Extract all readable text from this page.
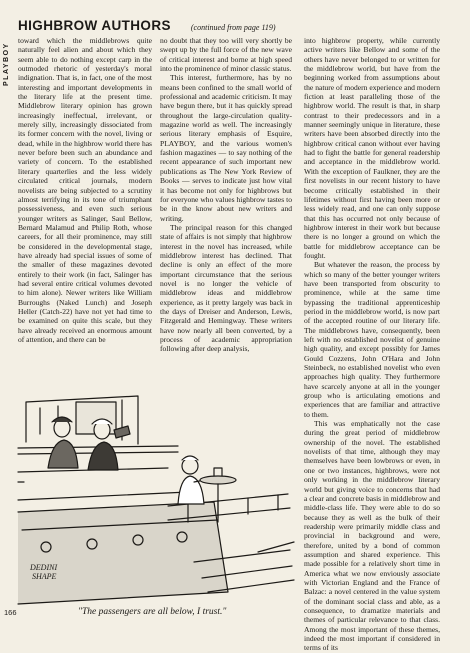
PLAYBOY
HIGHBROW AUTHORS	(continued from page 119)

toward which the middlebrows quite naturally feel alien and about which they seem able to do nothing except carp in the outmoded rhetoric of yesterday's moral indignation. That is, in fact, one of the most interesting and important developments in the literary life at the present time. Middlebrow literary opinion has grown increasingly ineffectual, irrelevant, or merely silly, increasingly dissociated from its former concern with the novel, living or dead, while in the highbrow world there has never before been such an abundance and variety of concern. To the established literary quarterlies and the less widely circulated critical journals, modern novelists are being subjected to a scrutiny almost terrifying in its tone of triumphant possessiveness, and even such serious younger writers as Salinger, Saul Bellow, Bernard Malamud and Philip Roth, whose careers, for all their prominence, may still be considered in the developmental stage, have already had special issues of some of the smaller of these magazines devoted entirely to their work (in fact, Salinger has had several entire critical volumes devoted to him alone). Newer writers like William Burroughs (Naked Lunch) and Joseph Heller (Catch-22) have not yet had time to be examined on quite this scale, but they have already received an enormous amount of attention, and there can be

no doubt that they too will very shortly be swept up by the full force of the new wave of critical interest and borne at high speed into the prominence of minor classic status.

This interest, furthermore, has by no means been confined to the small world of professional and academic criticism. It may have begun there, but it has quickly spread throughout the large-circulation quality-magazine world as well. The increasingly serious literary emphasis of Esquire, PLAYBOY, and the various women's fashion magazines — to say nothing of the recent appearance of such important new publications as The New York Review of Books — serves to indicate just how vital it has become not only for highbrows but for everyone who values highbrow tastes to be in the know about new writers and writing.

The principal reason for this changed state of affairs is not simply that highbrow interest in the novel has increased, while middlebrow interest has declined. That decline is only an effect of the more important circumstance that the serious novel is no longer the vehicle of middlebrow ideas and middlebrow experience, as it pretty largely was back in the days of Dreiser and Anderson, Lewis, Fitzgerald and Hemingway. These writers have now nearly all been converted, by a process of academic appropriation following after deep analysis,

into highbrow property, while currently active writers like Bellow and some of the others have never belonged to or written for the middlebrow world, but have from the beginning worked from assumptions about the nature of modern experience and modern fiction at least paralleling those of the highbrow world. The result is that, in sharp contrast to their predecessors and in a manner seemingly unique in literature, these writers have been absorbed directly into the highbrow critical canon without ever having had to fight the battle for general readership and acceptance in the middlebrow world. With the exception of Faulkner, they are the first novelists in our recent history to have become critically established in their lifetimes without first having been more or less widely read, and one can only suppose that this has occurred not only because of highbrow interest in their work but because there is no longer a ground on which the battle for middlebrow acceptance can be fought.

But whatever the reason, the process by which so many of the better younger writers have been transported from obscurity to prominence, while at the same time bypassing the traditional apprenticeship period in the middlebrow world, is now part of the accepted routine of our literary life. The middlebrows have, consequently, been left with no established novelist of genuine high quality, and except possibly for James Gould Cozzens, John O'Hara and John Steinbeck, no established novelist who even approaches high quality. They furthermore have scarcely anyone at all in the younger group who is articulating emotions and experiences that are familiar and attractive to them.

This was emphatically not the case during the great period of middlebrow ownership of the novel. The established novelists of that time, although they may themselves have been lowbrows or even, in one or two instances, highbrows, were not only working in the middlebrow literary world but giving voice to concerns that had a clear and concrete basis in middlebrow and middle-class life. They were able to do so because they as well as the bulk of their readership were primarily middle class and provincial in background and were, therefore, united by a bond of common assumption and shared experience. This made possible for a relatively short time in America what we now enviously associate with Victorian England and the France of Balzac: a novel centered in the value system of the dominant social class and able, as a consequence, to dramatize materials and themes of particular relevance to that class. Among the most important of these themes, indeed the most important if considered in terms of its

DEDINI SHAPE
"The passengers are all below, I trust."
166
